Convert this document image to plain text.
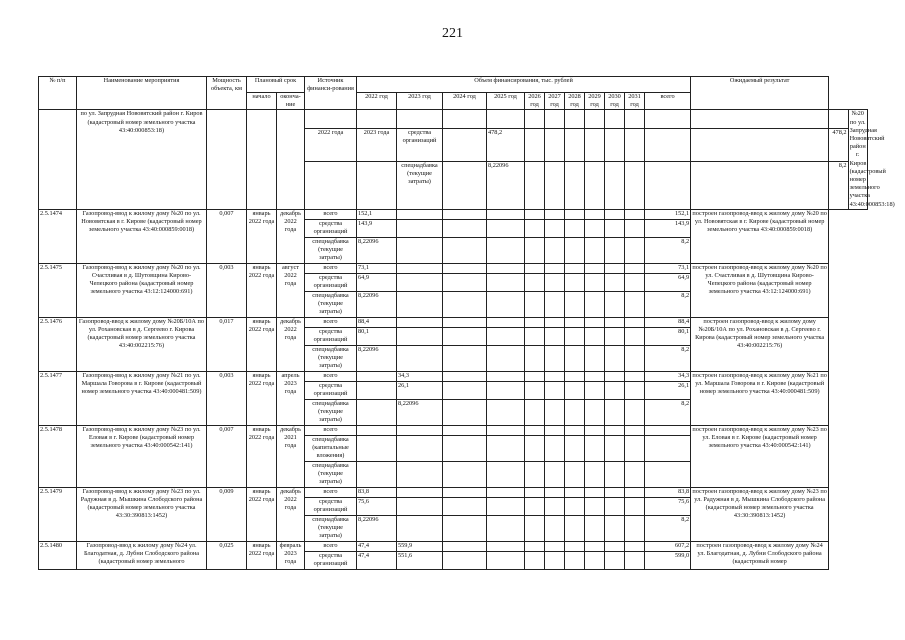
221
№ п/п	Наименование мероприятия	Мощность объекта, км	Плановый срок		Источник финанси-рования	Объем финансирования, тыс. рублей											Ожидаемый результат		
			начало	оконча-ние		2022 год	2023 год	2024 год	2025 год	2026 год	2027 год	2028 год	2029 год	2030 год	2031 год	всего			
	по ул. Запрудная Нововятский район г. Киров (кадастровый номер земельного участка 43:40:000853:18)																		№20 по ул. Запрудная Нововятский район г. Киров (кадастровый номер земельного участка 43:40:000853:18)
					2022 года	2023 года	средства организаций		478,2									478,2	
							спецнадбавка (текущие затраты)		8,22096									8,2	
2.5.1474	Газопровод-ввод к жилому дому №20 по ул. Нововятская в г. Кирове (кадастровый номер земельного участка 43:40:000859:0018)	0,007	январь 2022 года	декабрь 2022 года	всего	152,1										152,1	построен газопровод-ввод к жилому дому №20 по ул. Нововятская в г. Кирове (кадастровый номер земельного участка 43:40:000859:0018)		
					средства организаций	143,9										143,9			
					спецнадбавка (текущие затраты)	8,22096										8,2			
2.5.1475	Газопровод-ввод к жилому дому №20 по ул. Счастливая в д. Шутовщина Кирово-Чепецкого района (кадастровый номер земельного участка 43:12:124000:691)	0,003	январь 2022 года	август 2022 года	всего	73,1										73,1	построен газопровод-ввод к жилому дому №20 по ул. Счастливая в д. Шутовщина Кирово-Чепецкого района (кадастровый номер земельного участка 43:12:124000:691)		
					средства организаций	64,9										64,9			
					спецнадбавка (текущие затраты)	8,22096										8,2			
2.5.1476	Газопровод-ввод к жилому дому №20Б/10А по ул. Рохановская в д. Сергеево г. Кирова (кадастровый номер земельного участка 43:40:002215:76)	0,017	январь 2022 года	декабрь 2022 года	всего	88,4										88,4	построен газопровод-ввод к жилому дому №20Б/10А по ул. Рохановская в д. Сергеево г. Кирова (кадастровый номер земельного участка 43:40:002215:76)		
					средства организаций	80,1										80,1			
					спецнадбавка (текущие затраты)	8,22096										8,2			
2.5.1477	Газопровод-ввод к жилому дому №21 по ул. Маршала Говорова в г. Кирове (кадастровый номер земельного участка 43:40:000481:509)	0,003	январь 2022 года	апрель 2023 года	всего		34,3									34,3	построен газопровод-ввод к жилому дому №21 по ул. Маршала Говорова в г. Кирове (кадастровый номер земельного участка 43:40:000481:509)		
					средства организаций		26,1									26,1			
					спецнадбавка (текущие затраты)		8,22096									8,2			
2.5.1478	Газопровод-ввод к жилому дому №23 по ул. Еловая в г. Кирове (кадастровый номер земельного участка 43:40:000542:141)	0,007	январь 2022 года	декабрь 2021 года	всего												построен газопровод-ввод к жилому дому №23 по ул. Еловая в г. Кирове (кадастровый номер земельного участка 43:40:000542:141)		
					спецнадбавка (капитальные вложения)														
					спецнадбавка (текущие затраты)														
2.5.1479	Газопровод-ввод к жилому дому №23 по ул. Радужная в д. Мышкина Слободского района (кадастровый номер земельного участка 43:30:390813:1452)	0,009	январь 2022 года	декабрь 2022 года	всего	83,8										83,8	построен газопровод-ввод к жилому дому №23 по ул. Радужная в д. Мышкина Слободского района (кадастровый номер земельного участка 43:30:390813:1452)		
					средства организаций	75,6										75,6			
					спецнадбавка (текущие затраты)	8,22096										8,2			
2.5.1480	Газопровод-ввод к жилому дому №24 ул. Благодатная, д. Лубни Слободского района (кадастровый номер земельного	0,025	январь 2022 года	февраль 2023 года	всего	47,4	559,9									607,2	построен газопровод-ввод к жилому дому №24 ул. Благодатная, д. Лубни Слободского района (кадастровый номер		
					средства организаций	47,4	551,6									599,0			
